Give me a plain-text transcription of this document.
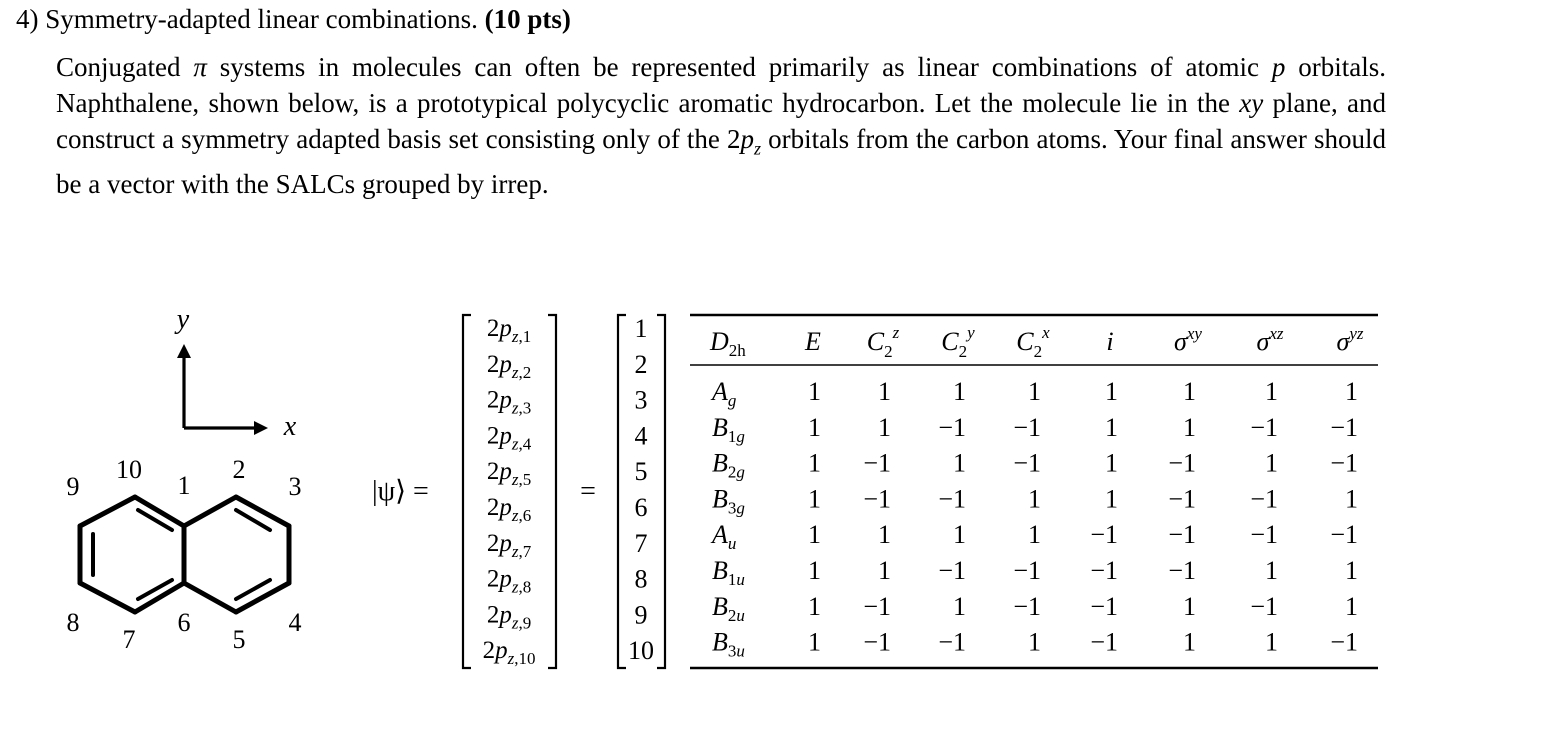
4) Symmetry-adapted linear combinations. (10 pts)
Conjugated π systems in molecules can often be represented primarily as linear combinations of atomic p orbitals. Naphthalene, shown below, is a prototypical polycyclic aromatic hydrocarbon. Let the molecule lie in the xy plane, and construct a symmetry adapted basis set consisting only of the $2p_z$ orbitals from the carbon atoms. Your final answer should be a vector with the SALCs grouped by irrep.
y
x
1
2
3
4
5
6
7
8
9
10
|ψ⟩ =	=
$2p_z,1$
$2p_z,2$
$2p_z,3$
$2p_z,4$
$2p_z,5$
$2p_z,6$
$2p_z,7$
$2p_z,8$
$2p_z,9$
$2p_z,10$
1
2
3
4
5
6
7
8
9
10
$D_{2h}$ E $C_2^z$ $C_2^y$ $C_2^x$ i $\sigma^{xy}$ $\sigma^{xz}$ $\sigma^{yz}$
$A_g$	1 1 1 1 1	1	1	1
$B_1g$ 1 1 −1 −1 1	1 −1 −1
$B_2g$ 1 −1 1 −1 1 −1	1 −1
$B_3g$ 1 −1 −1 1 1 −1 −1	1
$A_u$	1 1 1 1 −1 −1 −1 −1
$B_1u$ 1 1 −1 −1 −1 −1	1	1
$B_2u$ 1 −1 1 −1 −1	1 −1	1
$B_3u$ 1 −1 −1 1 −1	1	1 −1
